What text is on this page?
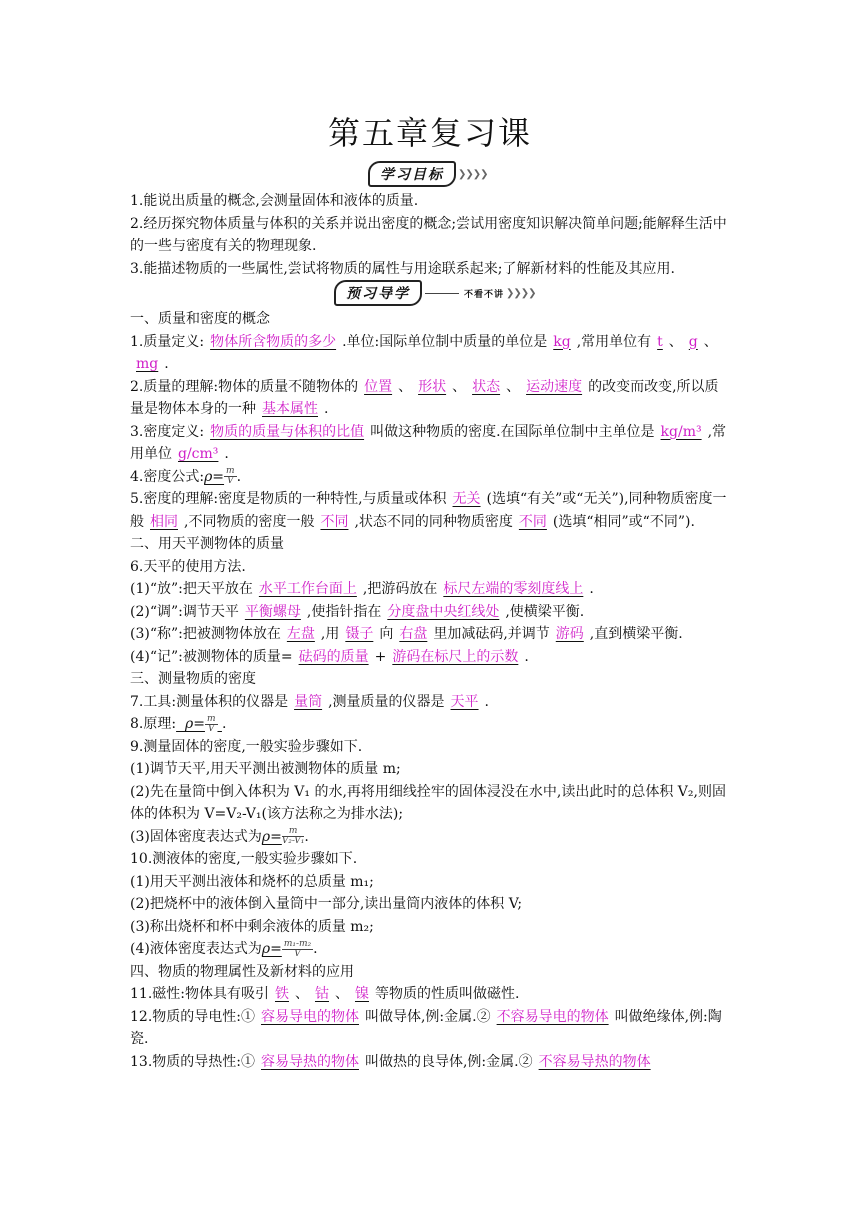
第五章复习课
学习目标	❯❯❯❯

1.能说出质量的概念,会测量固体和液体的质量.

2.经历探究物体质量与体积的关系并说出密度的概念;尝试用密度知识解决简单问题;能解释生活中的一些与密度有关的物理现象.

3.能描述物质的一些属性,尝试将物质的属性与用途联系起来;了解新材料的性能及其应用.

预习导学	不看不讲 ❯❯❯❯

一、质量和密度的概念

1.质量定义: 物体所含物质的多少 .单位:国际单位制中质量的单位是 kg ,常用单位有 t 、 g 、mg .

2.质量的理解:物体的质量不随物体的 位置 、 形状 、 状态 、 运动速度 的改变而改变,所以质量是物体本身的一种 基本属性 .

3.密度定义: 物质的质量与体积的比值 叫做这种物质的密度.在国际单位制中主单位是 kg/m³ ,常用单位 g/cm³ .

4.密度公式:ρ= $\frac{m}{V}$ .

5.密度的理解:密度是物质的一种特性,与质量或体积 无关 (选填“有关”或“无关”),同种物质密度一般 相同 ,不同物质的密度一般 不同 ,状态不同的同种物质密度 不同 (选填“相同”或“不同”).

二、用天平测物体的质量

6.天平的使用方法.

(1)“放”:把天平放在 水平工作台面上 ,把游码放在 标尺左端的零刻度线上 .

(2)“调”:调节天平 平衡螺母 ,使指针指在 分度盘中央红线处 ,使横梁平衡.

(3)“称”:把被测物体放在 左盘 ,用 镊子 向 右盘 里加减砝码,并调节 游码 ,直到横梁平衡.

(4)“记”:被测物体的质量= 砝码的质量 + 游码在标尺上的示数 .

三、测量物质的密度

7.工具:测量体积的仪器是 量筒 ,测量质量的仪器是 天平 .

8.原理: $\rho= \frac{m}{V}$ .

9.测量固体的密度,一般实验步骤如下.

(1)调节天平,用天平测出被测物体的质量 m;

(2)先在量筒中倒入体积为 V₁ 的水,再将用细线拴牢的固体浸没在水中,读出此时的总体积 V₂,则固体的体积为 V=V₂-V₁(该方法称之为排水法);

(3)固体密度表达式为$\rho= \frac{m}{\text{V₂-V₁}}$ .

10.测液体的密度,一般实验步骤如下.

(1)用天平测出液体和烧杯的总质量 m₁;

(2)把烧杯中的液体倒入量筒中一部分,读出量筒内液体的体积 V;

(3)称出烧杯和杯中剩余液体的质量 m₂;

(4)液体密度表达式为$\rho= \frac{\text{m₁-m₂}}{V}$ .

四、物质的物理属性及新材料的应用

11.磁性:物体具有吸引 铁 、 钴 、 镍 等物质的性质叫做磁性.

12.物质的导电性:① 容易导电的物体 叫做导体,例:金属.② 不容易导电的物体 叫做绝缘体,例:陶瓷.

13.物质的导热性:① 容易导热的物体 叫做热的良导体,例:金属.② 不容易导热的物体
